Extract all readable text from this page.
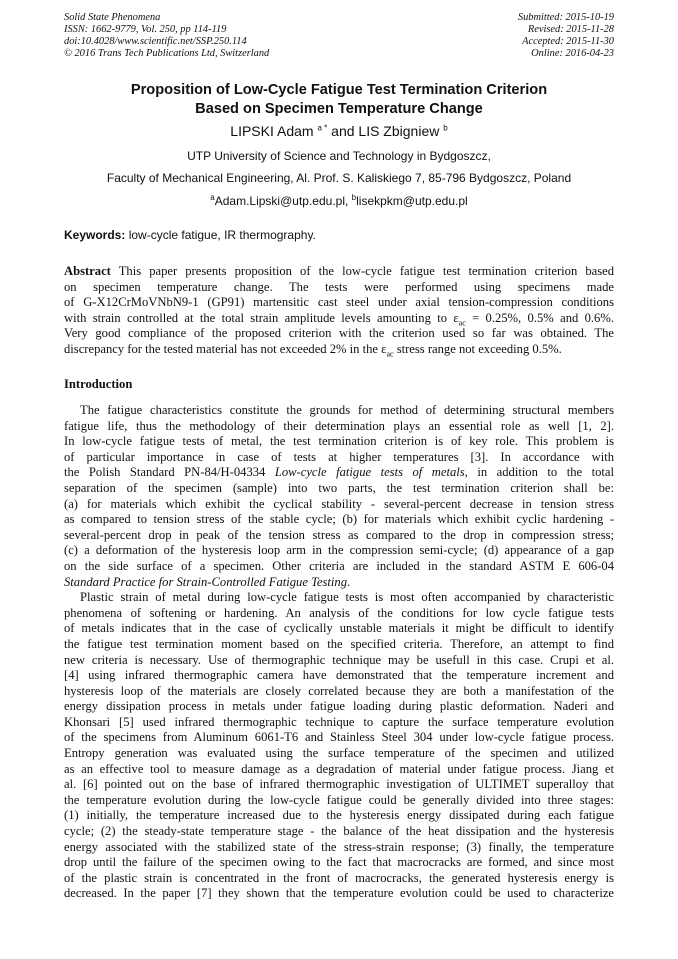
Solid State Phenomena
ISSN: 1662-9779, Vol. 250, pp 114-119
doi:10.4028/www.scientific.net/SSP.250.114
© 2016 Trans Tech Publications Ltd, Switzerland
Submitted: 2015-10-19
Revised: 2015-11-28
Accepted: 2015-11-30
Online: 2016-04-23
Proposition of Low-Cycle Fatigue Test Termination Criterion
Based on Specimen Temperature Change
LIPSKI Adam $^{a *}$ and LIS Zbigniew $^b$
UTP University of Science and Technology in Bydgoszcz,
Faculty of Mechanical Engineering, Al. Prof. S. Kaliskiego 7, 85-796 Bydgoszcz, Poland
$^a$Adam.Lipski@utp.edu.pl, $^b$lisekpkm@utp.edu.pl
Keywords: low-cycle fatigue, IR thermography.
Abstract This paper presents proposition of the low-cycle fatigue test termination criterion based
on specimen temperature change. The tests were performed using specimens made
of G-X12CrMoVNbN9-1 (GP91) martensitic cast steel under axial tension-compression conditions
with strain controlled at the total strain amplitude levels amounting to $\varepsilon_{ac} = 0.25\%$, 0.5% and 0.6%.
Very good compliance of the proposed criterion with the criterion used so far was obtained. The
discrepancy for the tested material has not exceeded 2% in the $\varepsilon_{ac}$ stress range not exceeding 0.5%.
Introduction
The fatigue characteristics constitute the grounds for method of determining structural members
fatigue life, thus the methodology of their determination plays an essential role as well [1, 2].
In low-cycle fatigue tests of metal, the test termination criterion is of key role. This problem is
of particular importance in case of tests at higher temperatures [3]. In accordance with
the Polish Standard PN-84/H-04334 Low-cycle fatigue tests of metals, in addition to the total
separation of the specimen (sample) into two parts, the test termination criterion shall be:
(a) for materials which exhibit the cyclical stability - several-percent decrease in tension stress
as compared to tension stress of the stable cycle; (b) for materials which exhibit cyclic hardening -
several-percent drop in peak of the tension stress as compared to the drop in compression stress;
(c) a deformation of the hysteresis loop arm in the compression semi-cycle; (d) appearance of a gap
on the side surface of a specimen. Other criteria are included in the standard ASTM E 606-04
Standard Practice for Strain-Controlled Fatigue Testing.
Plastic strain of metal during low-cycle fatigue tests is most often accompanied by characteristic
phenomena of softening or hardening. An analysis of the conditions for low cycle fatigue tests
of metals indicates that in the case of cyclically unstable materials it might be difficult to identify
the fatigue test termination moment based on the specified criteria. Therefore, an attempt to find
new criteria is necessary. Use of thermographic technique may be usefull in this case. Crupi et al.
[4] using infrared thermographic camera have demonstrated that the temperature increment and
hysteresis loop of the materials are closely correlated because they are both a manifestation of the
energy dissipation process in metals under fatigue loading during plastic deformation. Naderi and
Khonsari [5] used infrared thermographic technique to capture the surface temperature evolution
of the specimens from Aluminum 6061-T6 and Stainless Steel 304 under low-cycle fatigue process.
Entropy generation was evaluated using the surface temperature of the specimen and utilized
as an effective tool to measure damage as a degradation of material under fatigue process. Jiang et
al. [6] pointed out on the base of infrared thermographic investigation of ULTIMET superalloy that
the temperature evolution during the low-cycle fatigue could be generally divided into three stages:
(1) initially, the temperature increased due to the hysteresis energy dissipated during each fatigue
cycle; (2) the steady-state temperature stage - the balance of the heat dissipation and the hysteresis
energy associated with the stabilized state of the stress-strain response; (3) finally, the temperature
drop until the failure of the specimen owing to the fact that macrocracks are formed, and since most
of the plastic strain is concentrated in the front of macrocracks, the generated hysteresis energy is
decreased. In the paper [7] they shown that the temperature evolution could be used to characterize
